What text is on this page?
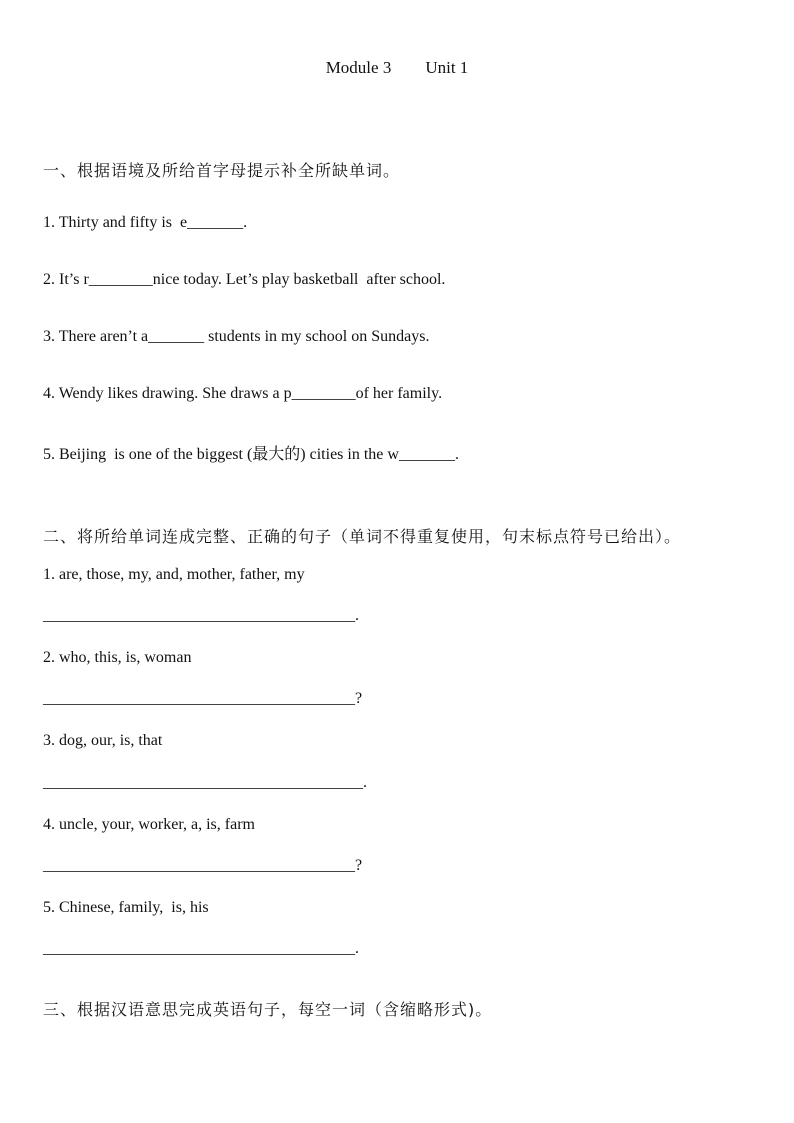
Module 3        Unit 1
一、根据语境及所给首字母提示补全所缺单词。
1. Thirty and fifty is  e_______.
2. It’s r________nice today. Let’s play basketball  after school.
3. There aren’t a_______ students in my school on Sundays.
4. Wendy likes drawing. She draws a p________of her family.
5. Beijing  is one of the biggest (最大的) cities in the w_______.
二、将所给单词连成完整、正确的句子（单词不得重复使用，句末标点符号已给出）。
1. are, those, my, and, mother, father, my
_______________________________________.
2. who, this, is, woman
_______________________________________?
3. dog, our, is, that
________________________________________.
4. uncle, your, worker, a, is, farm
_______________________________________?
5. Chinese, family,  is, his
_______________________________________.
三、根据汉语意思完成英语句子，每空一词（含缩略形式)。
